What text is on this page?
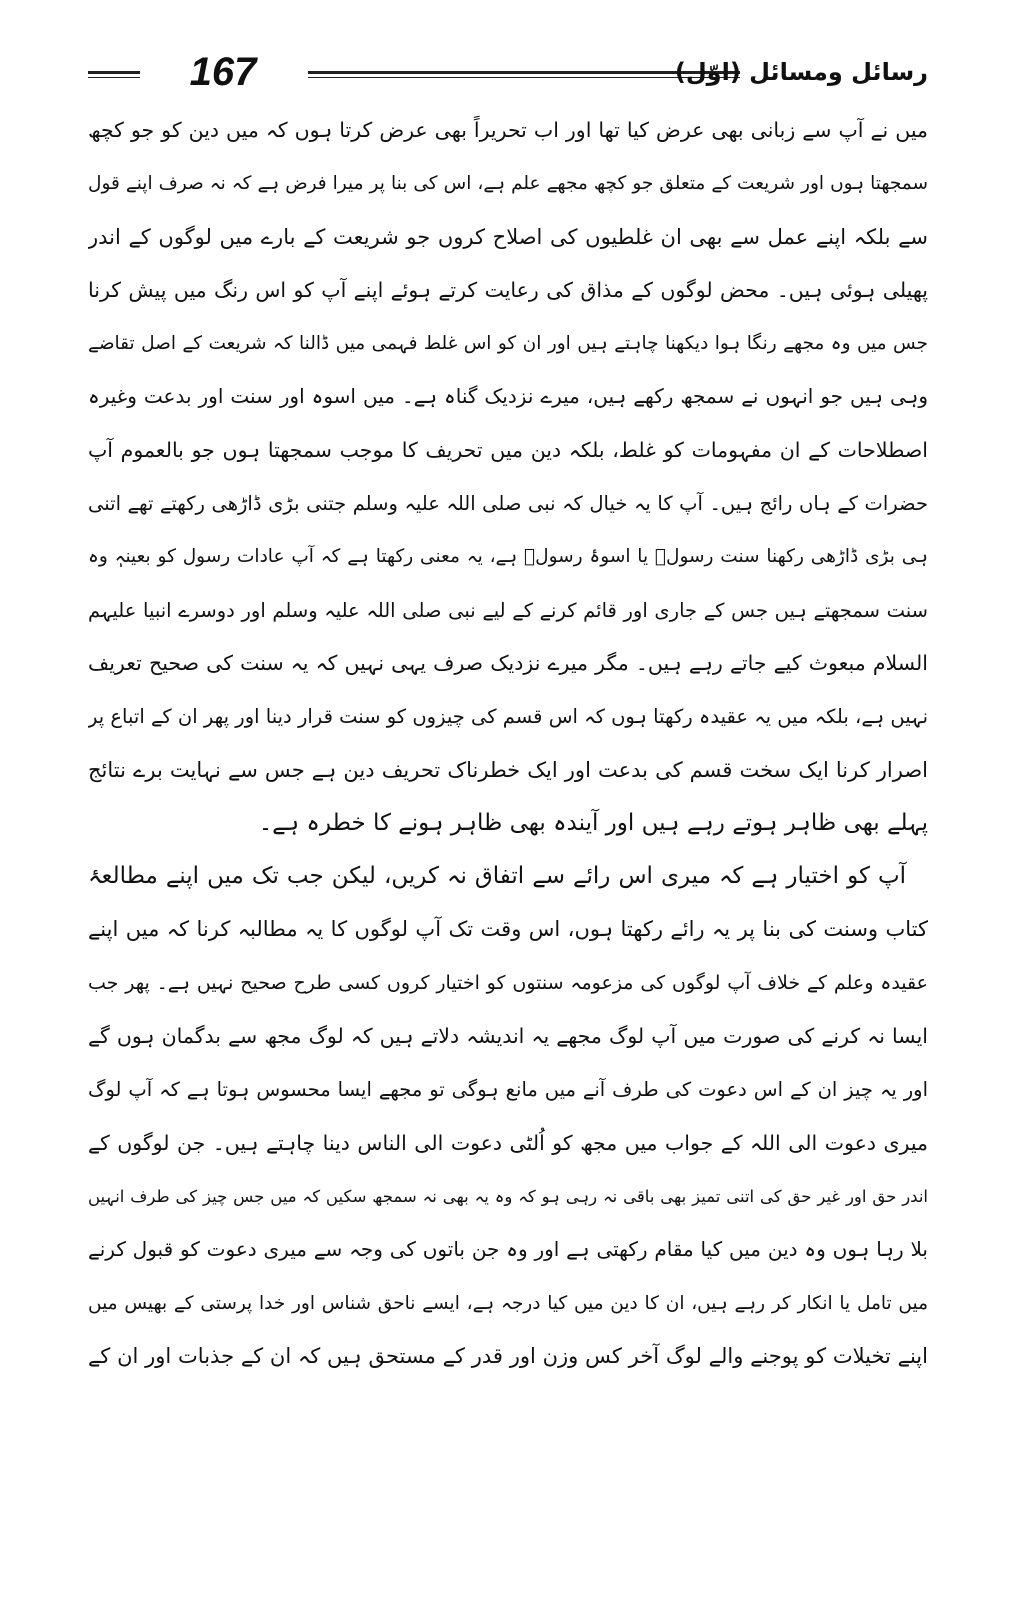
167	رسائل ومسائل (اوّل)
میں نے آپ سے زبانی بھی عرض کیا تھا اور اب تحریراً بھی عرض کرتا ہوں کہ میں دین کو جو کچھ
سمجھتا ہوں اور شریعت کے متعلق جو کچھ مجھے علم ہے، اس کی بنا پر میرا فرض ہے کہ نہ صرف اپنے قول
سے بلکہ اپنے عمل سے بھی ان غلطیوں کی اصلاح کروں جو شریعت کے بارے میں لوگوں کے اندر
پھیلی ہوئی ہیں۔ محض لوگوں کے مذاق کی رعایت کرتے ہوئے اپنے آپ کو اس رنگ میں پیش کرنا
جس میں وہ مجھے رنگا ہوا دیکھنا چاہتے ہیں اور ان کو اس غلط فہمی میں ڈالنا کہ شریعت کے اصل تقاضے
وہی ہیں جو انہوں نے سمجھ رکھے ہیں، میرے نزدیک گناہ ہے۔ میں اسوہ اور سنت اور بدعت وغیرہ
اصطلاحات کے ان مفہومات کو غلط، بلکہ دین میں تحریف کا موجب سمجھتا ہوں جو بالعموم آپ
حضرات کے ہاں رائج ہیں۔ آپ کا یہ خیال کہ نبی صلی اللہ علیہ وسلم جتنی بڑی ڈاڑھی رکھتے تھے اتنی
ہی بڑی ڈاڑھی رکھنا سنت رسولؐ یا اسوۂ رسولؐ ہے، یہ معنی رکھتا ہے کہ آپ عادات رسول کو بعینہٖ وہ
سنت سمجھتے ہیں جس کے جاری اور قائم کرنے کے لیے نبی صلی اللہ علیہ وسلم اور دوسرے انبیا علیہم
السلام مبعوث کیے جاتے رہے ہیں۔ مگر میرے نزدیک صرف یہی نہیں کہ یہ سنت کی صحیح تعریف
نہیں ہے، بلکہ میں یہ عقیدہ رکھتا ہوں کہ اس قسم کی چیزوں کو سنت قرار دینا اور پھر ان کے اتباع پر
اصرار کرنا ایک سخت قسم کی بدعت اور ایک خطرناک تحریف دین ہے جس سے نہایت برے نتائج
پہلے بھی ظاہر ہوتے رہے ہیں اور آیندہ بھی ظاہر ہونے کا خطرہ ہے۔
آپ کو اختیار ہے کہ میری اس رائے سے اتفاق نہ کریں، لیکن جب تک میں اپنے مطالعۂ
کتاب وسنت کی بنا پر یہ رائے رکھتا ہوں، اس وقت تک آپ لوگوں کا یہ مطالبہ کرنا کہ میں اپنے
عقیدہ وعلم کے خلاف آپ لوگوں کی مزعومہ سنتوں کو اختیار کروں کسی طرح صحیح نہیں ہے۔ پھر جب
ایسا نہ کرنے کی صورت میں آپ لوگ مجھے یہ اندیشہ دلاتے ہیں کہ لوگ مجھ سے بدگمان ہوں گے
اور یہ چیز ان کے اس دعوت کی طرف آنے میں مانع ہوگی تو مجھے ایسا محسوس ہوتا ہے کہ آپ لوگ
میری دعوت الی اللہ کے جواب میں مجھ کو اُلٹی دعوت الی الناس دینا چاہتے ہیں۔ جن لوگوں کے
اندر حق اور غیر حق کی اتنی تمیز بھی باقی نہ رہی ہو کہ وہ یہ بھی نہ سمجھ سکیں کہ میں جس چیز کی طرف انہیں
بلا رہا ہوں وہ دین میں کیا مقام رکھتی ہے اور وہ جن باتوں کی وجہ سے میری دعوت کو قبول کرنے
میں تامل یا انکار کر رہے ہیں، ان کا دین میں کیا درجہ ہے، ایسے ناحق شناس اور خدا پرستی کے بھیس میں
اپنے تخیلات کو پوجنے والے لوگ آخر کس وزن اور قدر کے مستحق ہیں کہ ان کے جذبات اور ان کے
